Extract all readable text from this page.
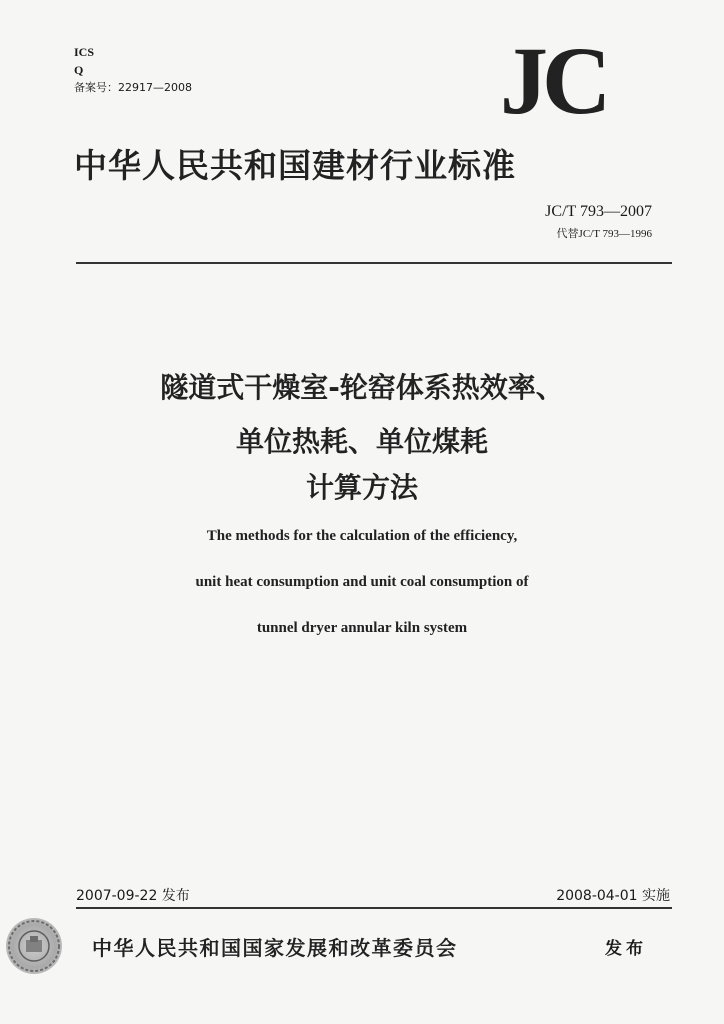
ICS
Q
备案号：22917—2008	JC
中华人民共和国建材行业标准
JC/T 793—2007
代替JC/T 793—1996
隧道式干燥室-轮窑体系热效率、
单位热耗、单位煤耗
计算方法
The methods for the calculation of the efficiency,
unit heat consumption and unit coal consumption of
tunnel dryer annular kiln system
2007-09-22 发布	2008-04-01 实施
中华人民共和国国家发展和改革委员会	发布
